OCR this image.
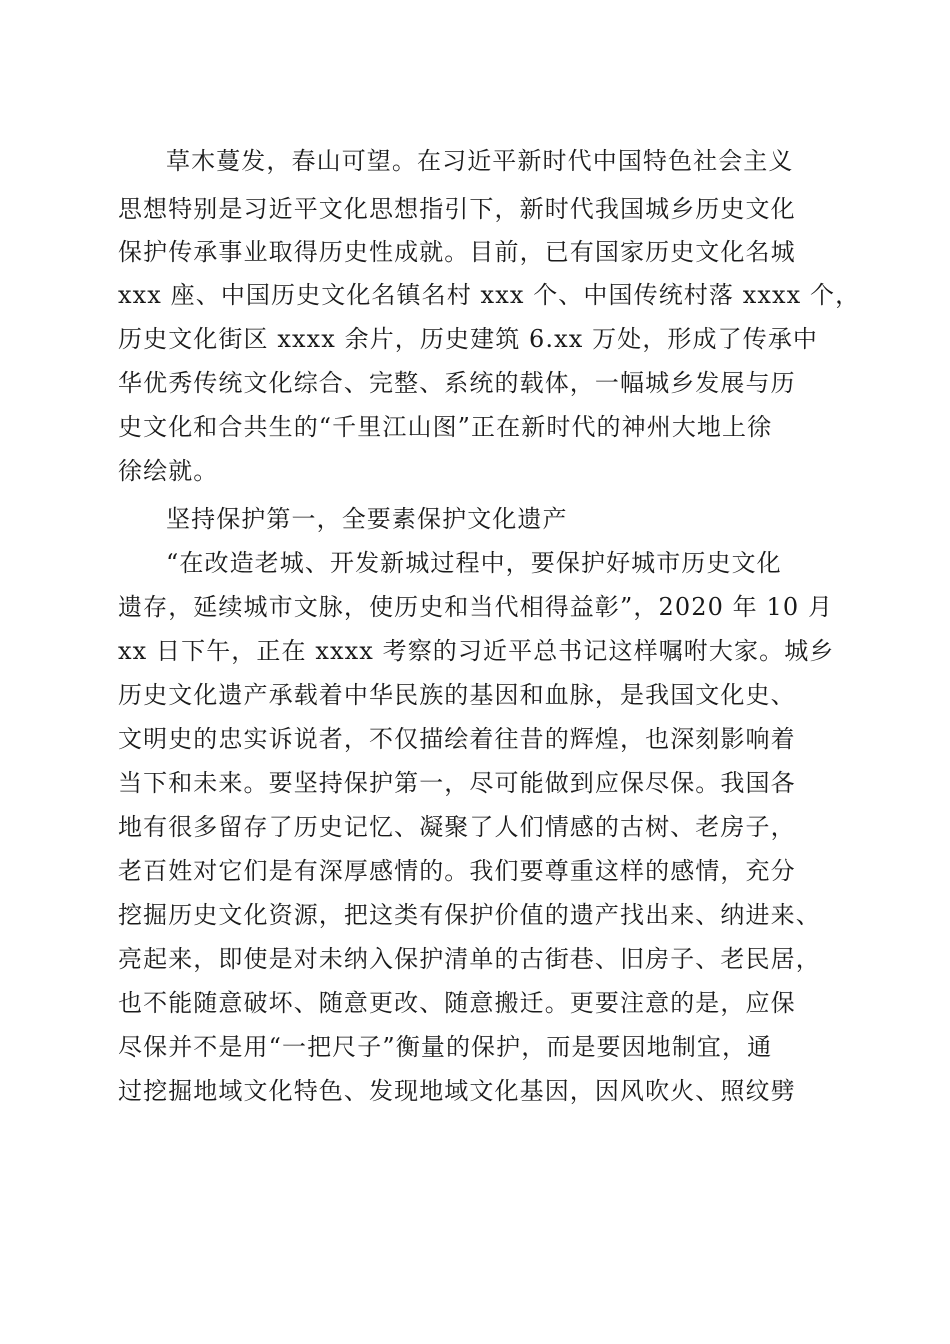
草木蔓发，春山可望。在习近平新时代中国特色社会主义
思想特别是习近平文化思想指引下，新时代我国城乡历史文化
保护传承事业取得历史性成就。目前，已有国家历史文化名城
xxx 座、中国历史文化名镇名村 xxx 个、中国传统村落 xxxx 个，
历史文化街区 xxxx 余片，历史建筑 6.xx 万处，形成了传承中
华优秀传统文化综合、完整、系统的载体，一幅城乡发展与历
史文化和合共生的“千里江山图”正在新时代的神州大地上徐
徐绘就。
坚持保护第一，全要素保护文化遗产
“在改造老城、开发新城过程中，要保护好城市历史文化
遗存，延续城市文脉，使历史和当代相得益彰”，2020 年 10 月
xx 日下午，正在 xxxx 考察的习近平总书记这样嘱咐大家。城乡
历史文化遗产承载着中华民族的基因和血脉，是我国文化史、
文明史的忠实诉说者，不仅描绘着往昔的辉煌，也深刻影响着
当下和未来。要坚持保护第一，尽可能做到应保尽保。我国各
地有很多留存了历史记忆、凝聚了人们情感的古树、老房子，
老百姓对它们是有深厚感情的。我们要尊重这样的感情，充分
挖掘历史文化资源，把这类有保护价值的遗产找出来、纳进来、
亮起来，即使是对未纳入保护清单的古街巷、旧房子、老民居，
也不能随意破坏、随意更改、随意搬迁。更要注意的是，应保
尽保并不是用“一把尺子”衡量的保护，而是要因地制宜，通
过挖掘地域文化特色、发现地域文化基因，因风吹火、照纹劈
